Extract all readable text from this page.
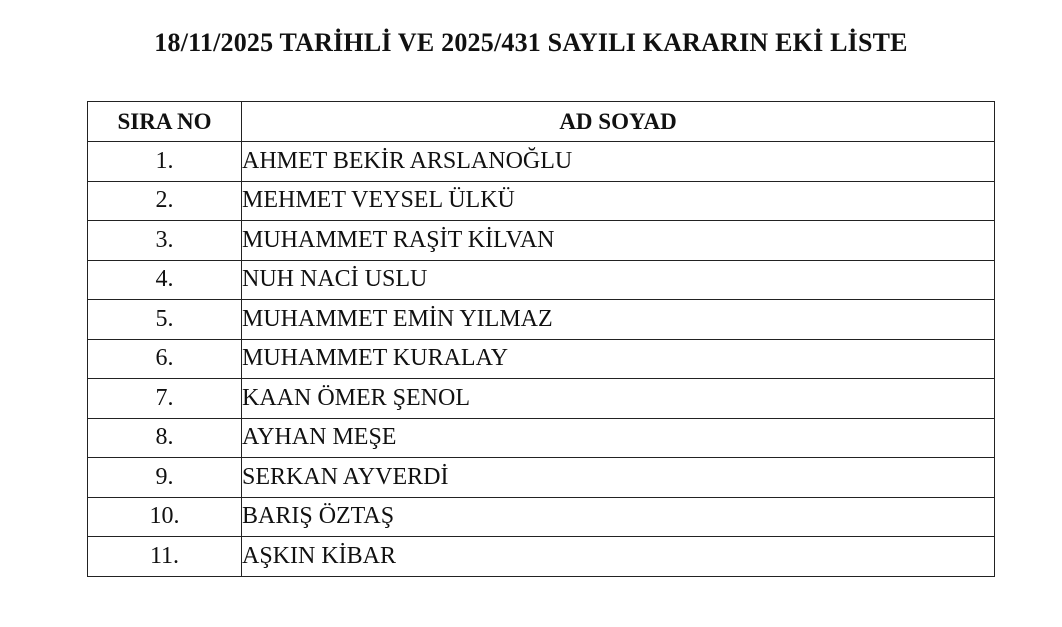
18/11/2025 TARİHLİ VE 2025/431 SAYILI KARARIN EKİ LİSTE
SIRA NO	AD SOYAD
1.	AHMET BEKİR ARSLANOĞLU
2.	MEHMET VEYSEL ÜLKÜ
3.	MUHAMMET RAŞİT KİLVAN
4.	NUH NACİ USLU
5.	MUHAMMET EMİN YILMAZ
6.	MUHAMMET KURALAY
7.	KAAN ÖMER ŞENOL
8.	AYHAN MEŞE
9.	SERKAN AYVERDİ
10.	BARIŞ ÖZTAŞ
11.	AŞKIN KİBAR
